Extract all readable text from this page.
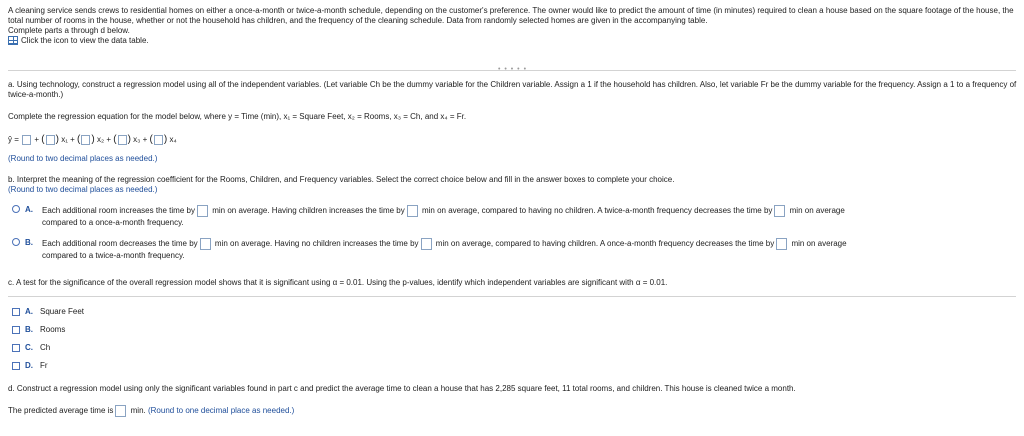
A cleaning service sends crews to residential homes on either a once-a-month or twice-a-month schedule, depending on the customer's preference. The owner would like to predict the amount of time (in minutes) required to clean a house based on the square footage of the house, the total number of rooms in the house, whether or not the household has children, and the frequency of the cleaning schedule. Data from randomly selected homes are given in the accompanying table.
Complete parts a through d below.
Click the icon to view the data table.
• • • • •
a. Using technology, construct a regression model using all of the independent variables. (Let variable Ch be the dummy variable for the Children variable. Assign a 1 if the household has children. Also, let variable Fr be the dummy variable for the frequency. Assign a 1 to a frequency of twice-a-month.)
Complete the regression equation for the model below, where y = Time (min), x₁ = Square Feet, x₂ = Rooms, x₃ = Ch, and x₄ = Fr.
ŷ = + ( ) x₁ + ( ) x₂ + ( ) x₃ + ( ) x₄
(Round to two decimal places as needed.)
b. Interpret the meaning of the regression coefficient for the Rooms, Children, and Frequency variables. Select the correct choice below and fill in the answer boxes to complete your choice.
(Round to two decimal places as needed.)
A. Each additional room increases the time by min on average. Having children increases the time by min on average, compared to having no children. A twice-a-month frequency decreases the time by min on average
compared to a once-a-month frequency.
B. Each additional room decreases the time by min on average. Having no children increases the time by min on average, compared to having children. A once-a-month frequency decreases the time by min on average
compared to a twice-a-month frequency.
c. A test for the significance of the overall regression model shows that it is significant using α = 0.01. Using the p-values, identify which independent variables are significant with α = 0.01.
A. Square Feet
B. Rooms
C. Ch
D. Fr
d. Construct a regression model using only the significant variables found in part c and predict the average time to clean a house that has 2,285 square feet, 11 total rooms, and children. This house is cleaned twice a month.
The predicted average time is min. (Round to one decimal place as needed.)
